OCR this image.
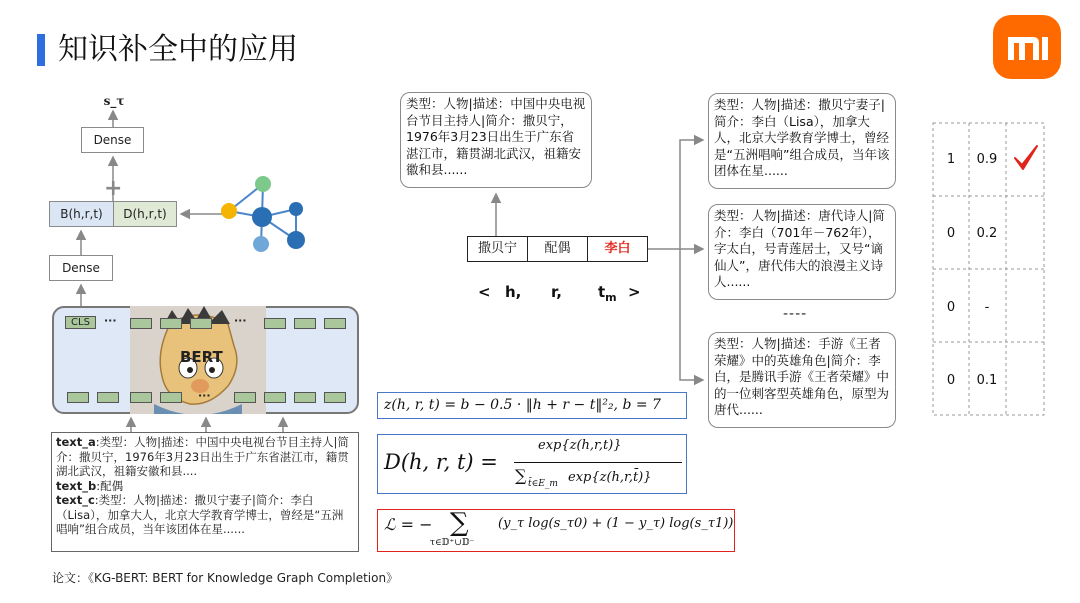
知识补全中的应用
s_τ
Dense
+
B(h,r,t)	D(h,r,t)
Dense
BERT
CLS	···	···
···
text_a:类型：人物|描述：中国中央电视台节目主持人|简介：撒贝宁，1976年3月23日出生于广东省湛江市，籍贯湖北武汉，祖籍安徽和县....
text_b:配偶
text_c:类型：人物|描述：撒贝宁妻子|简介：李白（Lisa），加拿大人，北京大学教育学博士，曾经是“五洲唱响”组合成员，当年该团体在星......
论文：《KG-BERT: BERT for Knowledge Graph Completion》
类型：人物|描述：中国中央电视台节目主持人|简介：撒贝宁，1976年3月23日出生于广东省湛江市，籍贯湖北武汉，祖籍安徽和县......
撒贝宁	配偶	李白
< h, r, $t_m$ >
z(h, r, t) = b − 0.5 · ‖h + r − t‖²₂, b = 7
D(h, r, t) =
exp{z(h,r,t)}
∑ t̄∈E_m exp{z(h,r,t̄)}
ℒ = − ∑
τ∈𝔻⁺∪𝔻⁻
(y_τ log(s_τ0) + (1 − y_τ) log(s_τ1))
类型：人物|描述：撒贝宁妻子|简介：李白（Lisa），加拿大人，北京大学教育学博士，曾经是“五洲唱响”组合成员，当年该团体在星......
类型：人物|描述：唐代诗人|简介：李白（701年－762年），字太白，号青莲居士，又号“谪仙人”，唐代伟大的浪漫主义诗人......
----
类型：人物|描述：手游《王者荣耀》中的英雄角色|简介：李白，是腾讯手游《王者荣耀》中的一位刺客型英雄角色，原型为唐代......
1	0.9
0	0.2
0	-
0	0.1
